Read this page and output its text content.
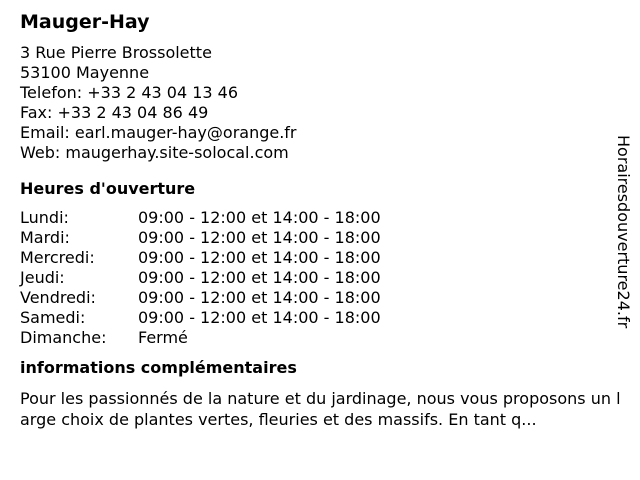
Mauger-Hay
3 Rue Pierre Brossolette
53100 Mayenne
Telefon: +33 2 43 04 13 46
Fax: +33 2 43 04 86 49
Email: earl.mauger-hay@orange.fr
Web: maugerhay.site-solocal.com
Heures d'ouverture
Lundi:	09:00 - 12:00 et 14:00 - 18:00
Mardi:	09:00 - 12:00 et 14:00 - 18:00
Mercredi:	09:00 - 12:00 et 14:00 - 18:00
Jeudi:	09:00 - 12:00 et 14:00 - 18:00
Vendredi:	09:00 - 12:00 et 14:00 - 18:00
Samedi:	09:00 - 12:00 et 14:00 - 18:00
Dimanche: Fermé
informations complémentaires
Pour les passionnés de la nature et du jardinage, nous vous proposons un large choix de plantes vertes, fleuries et des massifs. En tant q...
Horairesdouverture24.fr
